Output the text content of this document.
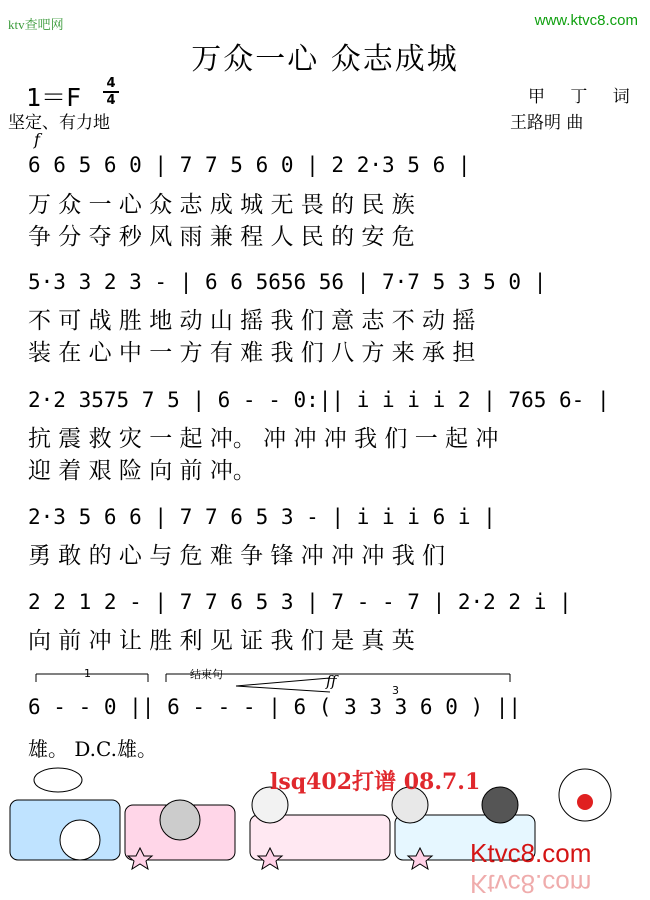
ktv查吧网	www.ktvc8.com
万众一心 众志成城
1＝F 4
4	甲 丁 词
坚定、有力地	王路明 曲
f
6 6 5 6 0 | 7 7 5 6 0 | 2 2·3 5 6 |
万 众 一 心 众 志 成 城 无 畏 的 民 族
争 分 夺 秒 风 雨 兼 程 人 民 的 安 危
5·3 3 2 3 - | 6 6 5656 56 | 7·7 5 3 5 0 |
不 可 战 胜 地 动 山 摇 我 们 意 志 不 动 摇
装 在 心 中 一 方 有 难 我 们 八 方 来 承 担
2·2 3575 7 5 | 6 - - 0:|| i i i i 2 | 765 6- |
抗 震 救 灾 一 起 冲。 冲 冲 冲 我 们 一 起 冲
迎 着 艰 险 向 前 冲。
2·3 5 6 6 | 7 7 6 5 3 - | i i i 6 i |
勇 敢 的 心 与 危 难 争 锋 冲 冲 冲 我 们
2 2 1 2 - | 7 7 6 5 3 | 7 - - 7 | 2·2 2 i |
向 前 冲 让 胜 利 见 证 我 们 是 真 英
1	结束句	ff
3
6 - - 0 || 6 - - - | 6 ( 3 3 3 6 0 ) ||
雄。 D.C.雄。
lsq402打谱 08.7.1
Ktvc8.com
Ktvc8.com
